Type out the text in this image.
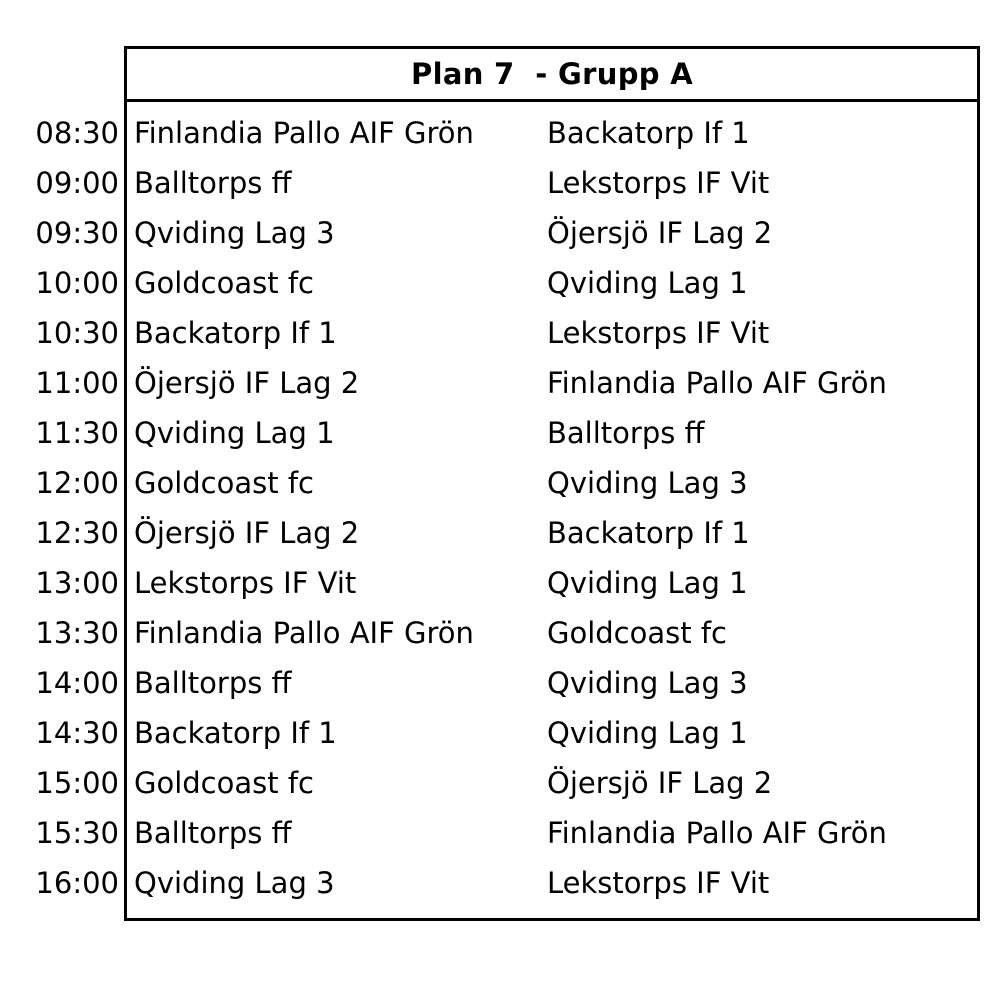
Plan 7  - Grupp A
08:30 Finlandia Pallo AIF Grön	Backatorp If 1
09:00 Balltorps ff	Lekstorps IF Vit
09:30 Qviding Lag 3	Öjersjö IF Lag 2
10:00 Goldcoast fc	Qviding Lag 1
10:30 Backatorp If 1	Lekstorps IF Vit
11:00 Öjersjö IF Lag 2	Finlandia Pallo AIF Grön
11:30 Qviding Lag 1	Balltorps ff
12:00 Goldcoast fc	Qviding Lag 3
12:30 Öjersjö IF Lag 2	Backatorp If 1
13:00 Lekstorps IF Vit	Qviding Lag 1
13:30 Finlandia Pallo AIF Grön	Goldcoast fc
14:00 Balltorps ff	Qviding Lag 3
14:30 Backatorp If 1	Qviding Lag 1
15:00 Goldcoast fc	Öjersjö IF Lag 2
15:30 Balltorps ff	Finlandia Pallo AIF Grön
16:00 Qviding Lag 3	Lekstorps IF Vit
